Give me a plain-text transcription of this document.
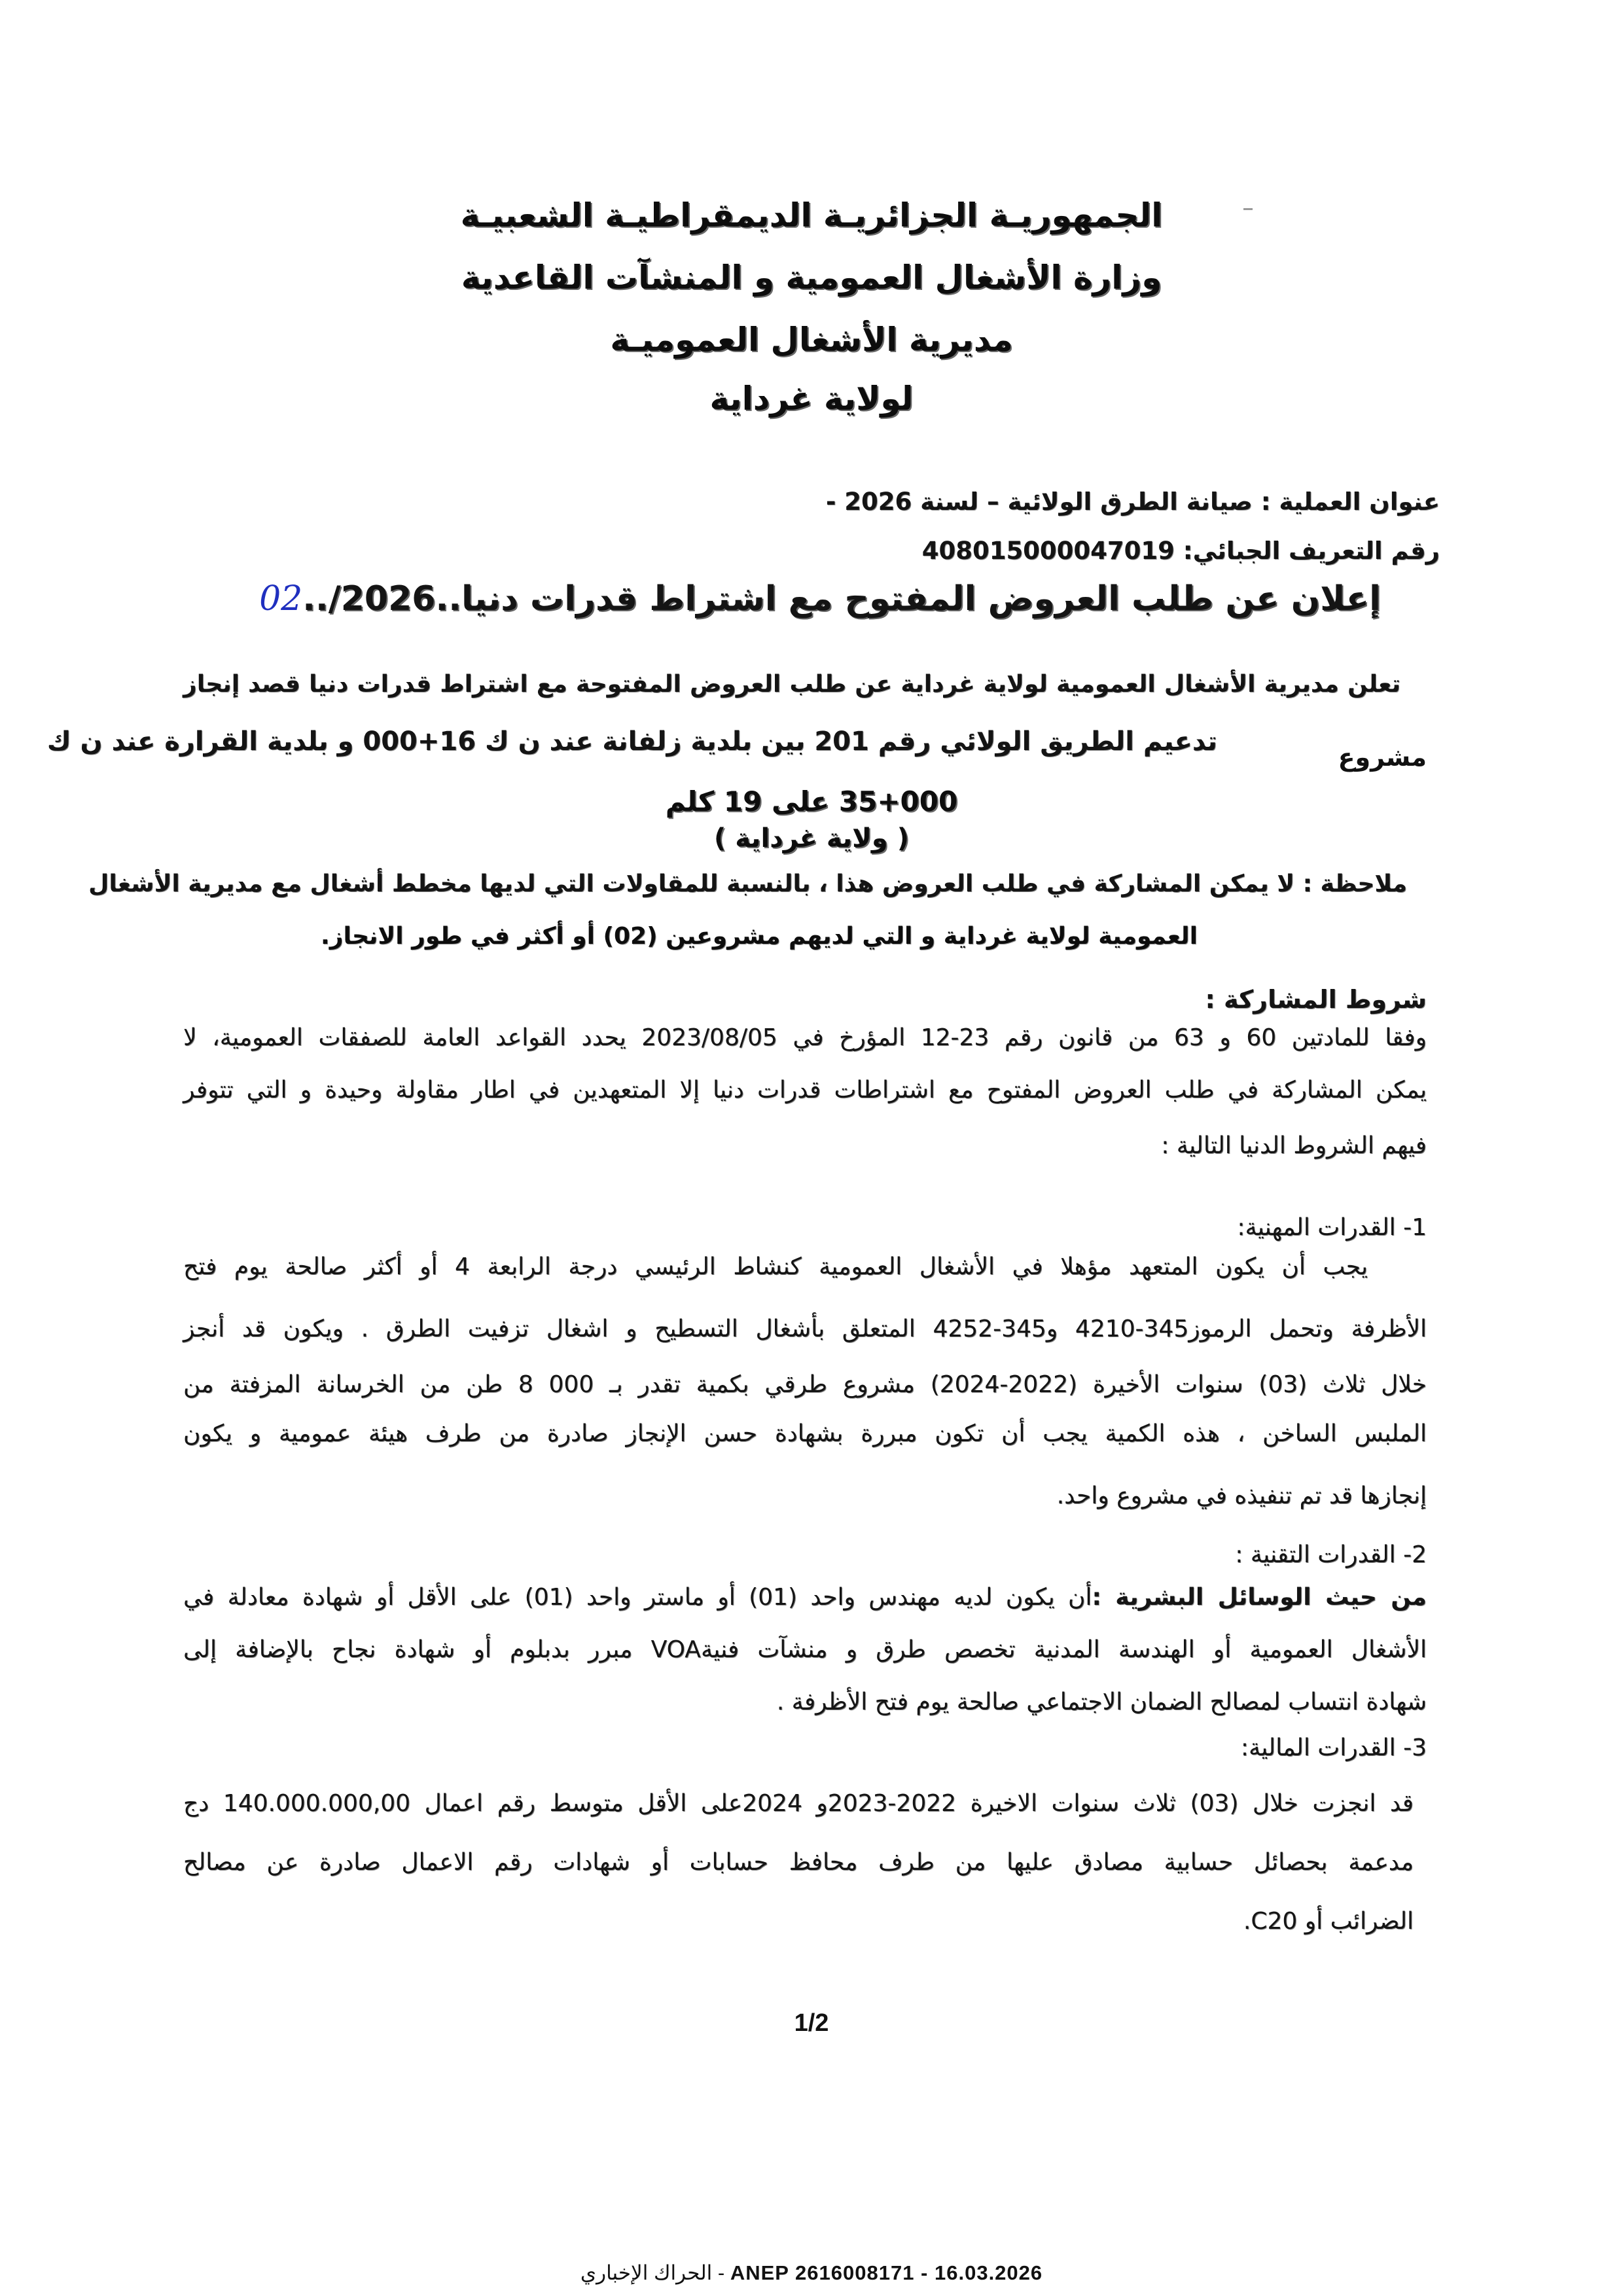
الجمهوريـة الجزائريـة الديمقراطيـة الشعبيـة
وزارة الأشغال العمومية و المنشآت القاعدية
مديرية الأشغال العموميـة
لولاية غرداية
عنوان العملية : صيانة الطرق الولائية – لسنة 2026 -
رقم التعريف الجبائي: 408015000047019
إعلان عن طلب العروض المفتوح مع اشتراط قدرات دنيا..02../2026
تعلن مديرية الأشغال العمومية لولاية غرداية عن طلب العروض المفتوحة مع اشتراط قدرات دنيا قصد إنجاز
مشروع
تدعيم الطريق الولائي رقم 201 بين بلدية زلفانة عند ن ك 16+000 و بلدية القرارة عند ن ك
35+000 على 19 كلم
( ولاية غرداية )
ملاحظة : لا يمكن المشاركة في طلب العروض هذا ، بالنسبة للمقاولات التي لديها مخطط أشغال مع مديرية الأشغال
العمومية لولاية غرداية و التي لديهم مشروعين (02) أو أكثر في طور الانجاز.
شروط المشاركة :
وفقا للمادتين 60 و 63 من قانون رقم 23-12 المؤرخ في 2023/08/05 يحدد القواعد العامة للصفقات العمومية، لا
يمكن المشاركة في طلب العروض المفتوح مع اشتراطات قدرات دنيا إلا المتعهدين في اطار مقاولة وحيدة و التي تتوفر
فيهم الشروط الدنيا التالية :
1- القدرات المهنية:
يجب أن يكون المتعهد مؤهلا في الأشغال العمومية كنشاط الرئيسي درجة الرابعة 4 أو أكثر صالحة يوم فتح
الأظرفة وتحمل الرموز345-4210 و345-4252 المتعلق بأشغال التسطيح و اشغال تزفيت الطرق . ويكون قد أنجز
خلال ثلاث (03) سنوات الأخيرة (2022-2024) مشروع طرقي بكمية تقدر بـ 000 8 طن من الخرسانة المزفتة من
الملبس الساخن ، هذه الكمية يجب أن تكون مبررة بشهادة حسن الإنجاز صادرة من طرف هيئة عمومية و يكون
إنجازها قد تم تنفيذه في مشروع واحد.
2- القدرات التقنية :
من حيث الوسائل البشرية :أن يكون لديه مهندس واحد (01) أو ماستر واحد (01) على الأقل أو شهادة معادلة في
الأشغال العمومية أو الهندسة المدنية تخصص طرق و منشآت فنيةVOA مبرر بدبلوم أو شهادة نجاح بالإضافة إلى
شهادة انتساب لمصالح الضمان الاجتماعي صالحة يوم فتح الأظرفة .
3- القدرات المالية:
قد انجزت خلال (03) ثلاث سنوات الاخيرة 2022-2023و 2024على الأقل متوسط رقم اعمال 140.000.000,00 دج
مدعمة بحصائل حسابية مصادق عليها من طرف محافظ حسابات أو شهادات رقم الاعمال صادرة عن مصالح
الضرائب أو C20.
1/2
- الحراك الإخباري ANEP 2616008171 - 16.03.2026
